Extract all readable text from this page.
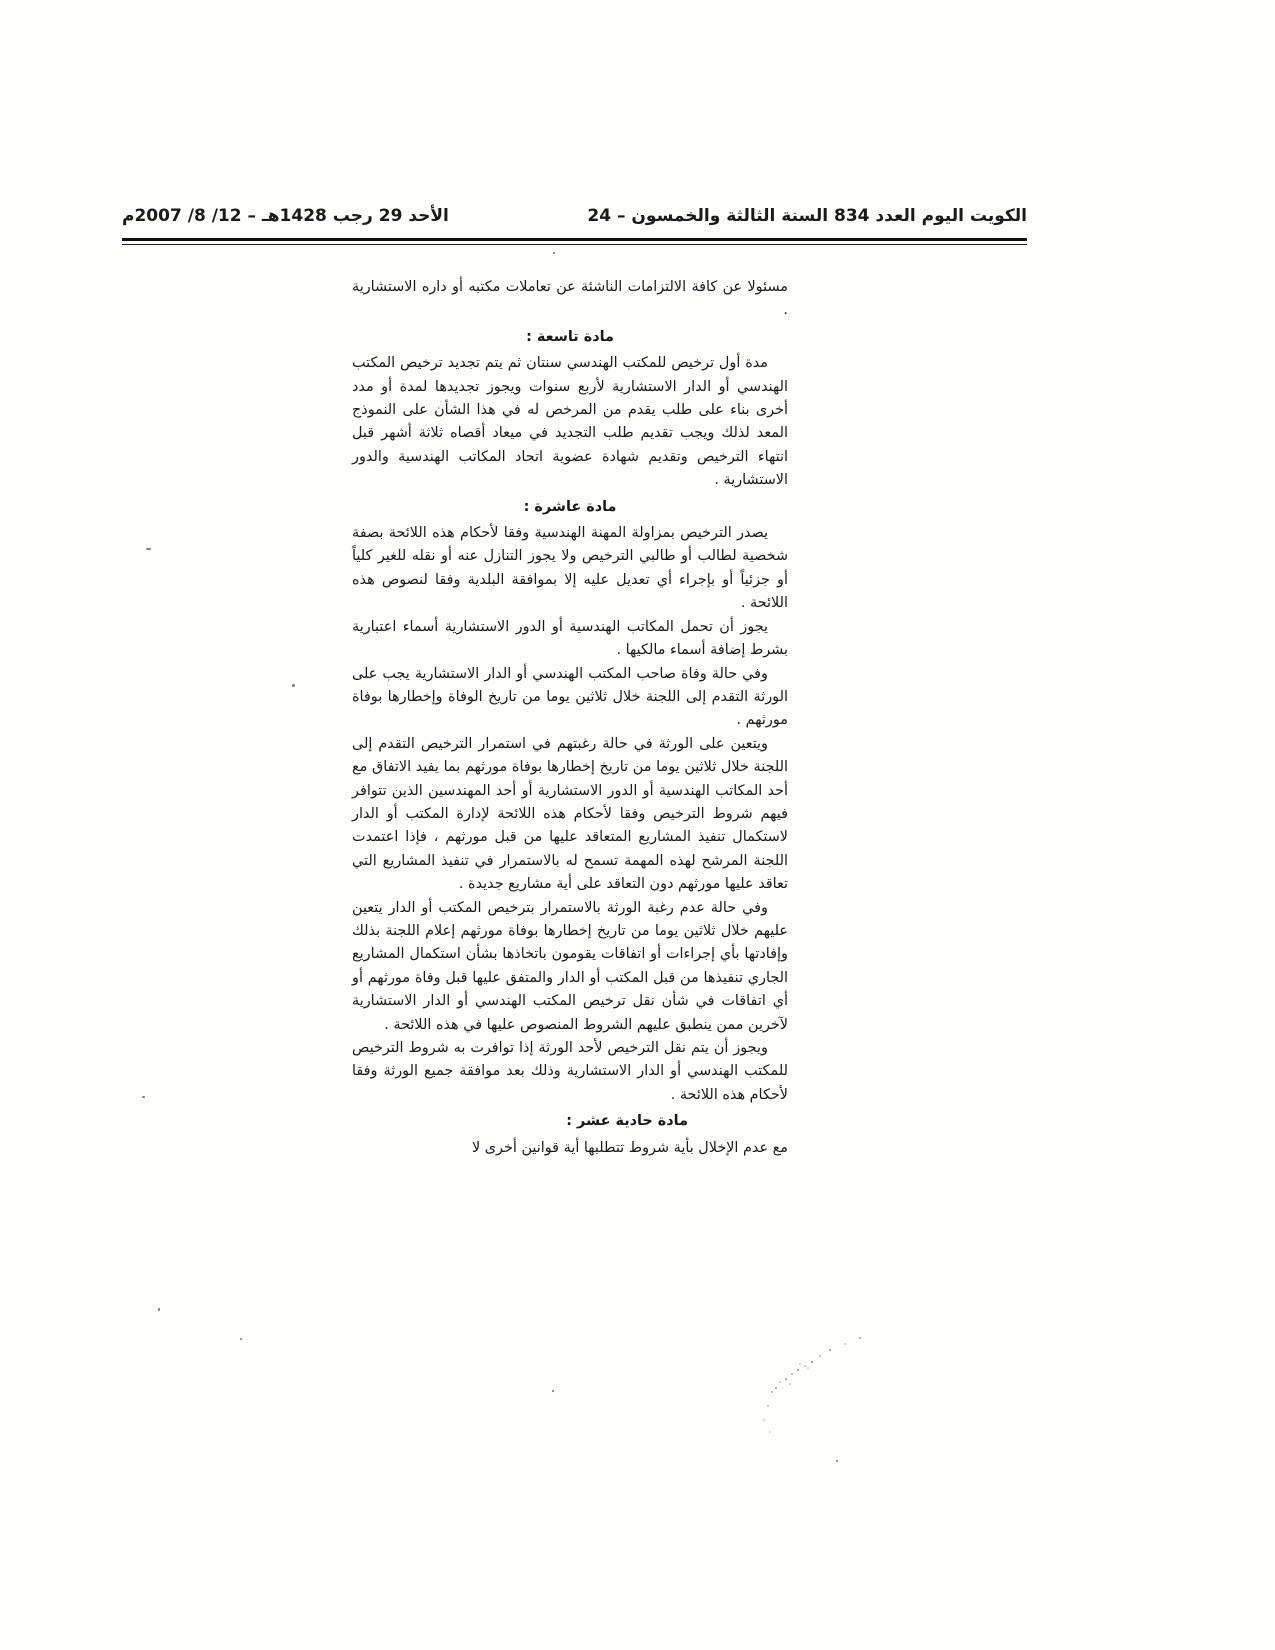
الكويت اليوم العدد 834 السنة الثالثة والخمسون – 24
الأحد 29 رجب 1428هـ – 12/ 8/ 2007م

مسئولا عن كافة الالتزامات الناشئة عن تعاملات مكتبه أو داره الاستشارية .

مادة تاسعة :

مدة أول ترخيص للمكتب الهندسي سنتان ثم يتم تجديد ترخيص المكتب الهندسي أو الدار الاستشارية لأربع سنوات ويجوز تجديدها لمدة أو مدد أخرى بناء على طلب يقدم من المرخص له في هذا الشأن على النموذج المعد لذلك ويجب تقديم طلب التجديد في ميعاد أقصاه ثلاثة أشهر قبل انتهاء الترخيص وتقديم شهادة عضوية اتحاد المكاتب الهندسية والدور الاستشارية .

مادة عاشرة :

يصدر الترخيص بمزاولة المهنة الهندسية وفقا لأحكام هذه اللائحة بصفة شخصية لطالب أو طالبي الترخيص ولا يجوز التنازل عنه أو نقله للغير كلياً أو جزئياً أو بإجراء أي تعديل عليه إلا بموافقة البلدية وفقا لنصوص هذه اللائحة .

يجوز أن تحمل المكاتب الهندسية أو الدور الاستشارية أسماء اعتبارية بشرط إضافة أسماء مالكيها .

وفي حالة وفاة صاحب المكتب الهندسي أو الدار الاستشارية يجب على الورثة التقدم إلى اللجنة خلال ثلاثين يوما من تاريخ الوفاة وإخطارها بوفاة مورثهم .

ويتعين على الورثة في حالة رغبتهم في استمرار الترخيص التقدم إلى اللجنة خلال ثلاثين يوما من تاريخ إخطارها بوفاة مورثهم بما يفيد الاتفاق مع أحد المكاتب الهندسية أو الدور الاستشارية أو أحد المهندسين الذين تتوافر فيهم شروط الترخيص وفقا لأحكام هذه اللائحة لإدارة المكتب أو الدار لاستكمال تنفيذ المشاريع المتعاقد عليها من قبل مورثهم ، فإذا اعتمدت اللجنة المرشح لهذه المهمة تسمح له بالاستمرار في تنفيذ المشاريع التي تعاقد عليها مورثهم دون التعاقد على أية مشاريع جديدة .

وفي حالة عدم رغبة الورثة بالاستمرار بترخيص المكتب أو الدار يتعين عليهم خلال ثلاثين يوما من تاريخ إخطارها بوفاة مورثهم إعلام اللجنة بذلك وإفادتها بأي إجراءات أو اتفاقات يقومون باتخاذها بشأن استكمال المشاريع الجاري تنفيذها من قبل المكتب أو الدار والمتفق عليها قبل وفاة مورثهم أو أي اتفاقات في شأن نقل ترخيص المكتب الهندسي أو الدار الاستشارية لآخرين ممن ينطبق عليهم الشروط المنصوص عليها في هذه اللائحة .

ويجوز أن يتم نقل الترخيص لأحد الورثة إذا توافرت به شروط الترخيص للمكتب الهندسي أو الدار الاستشارية وذلك بعد موافقة جميع الورثة وفقا لأحكام هذه اللائحة .

مادة حادية عشر :

مع عدم الإخلال بأية شروط تتطلبها أية قوانين أخرى لا
